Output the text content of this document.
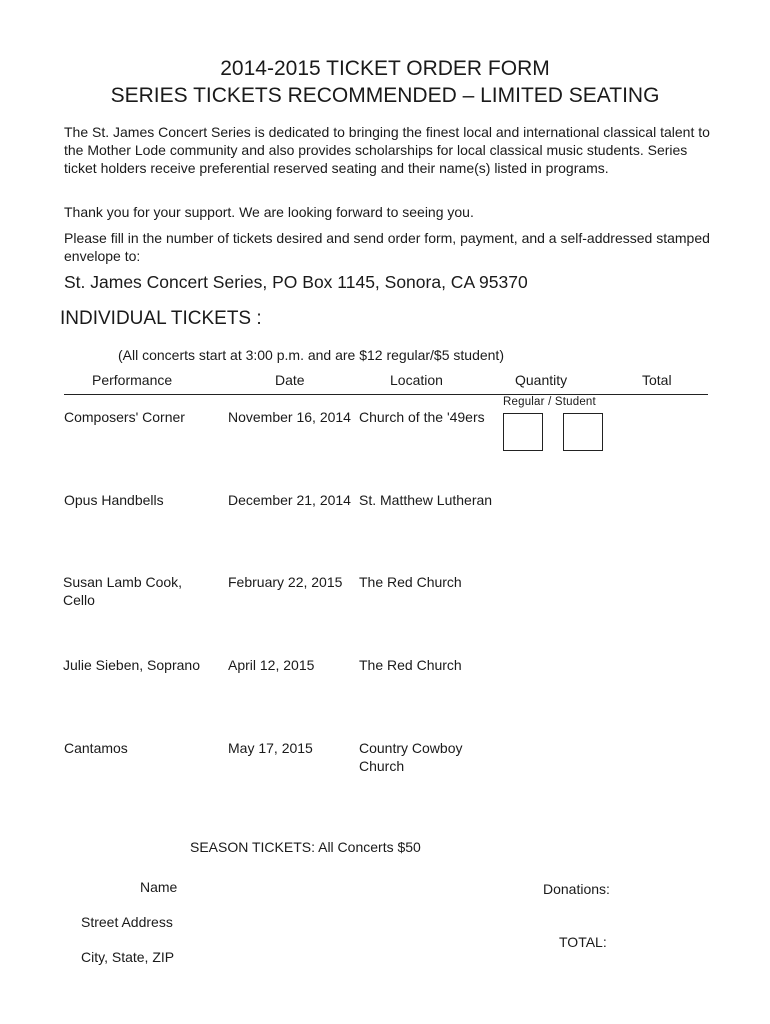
2014-2015 TICKET ORDER FORM
SERIES TICKETS RECOMMENDED – LIMITED SEATING
The St. James Concert Series is dedicated to bringing the finest local and international classical talent to the Mother Lode community and also provides scholarships for local classical music students. Series ticket holders receive preferential reserved seating and their name(s) listed in programs.
Thank you for your support. We are looking forward to seeing you.
Please fill in the number of tickets desired and send order form, payment, and a self-addressed stamped envelope to:
St. James Concert Series, PO Box 1145, Sonora, CA 95370
INDIVIDUAL TICKETS :
(All concerts start at 3:00 p.m. and are $12 regular/$5 student)
Performance	Date	Location	Quantity	Total
Regular / Student
Composers' Corner	November 16, 2014 Church of the '49ers
Opus Handbells	December 21, 2014 St. Matthew Lutheran
Susan Lamb Cook,
Cello
February 22, 2015	The Red Church
Julie Sieben, Soprano	April 12, 2015	The Red Church
Cantamos	May 17, 2015	Country Cowboy Church
SEASON TICKETS: All Concerts $50
Name
Street Address
City, State, ZIP
Donations:
TOTAL:
